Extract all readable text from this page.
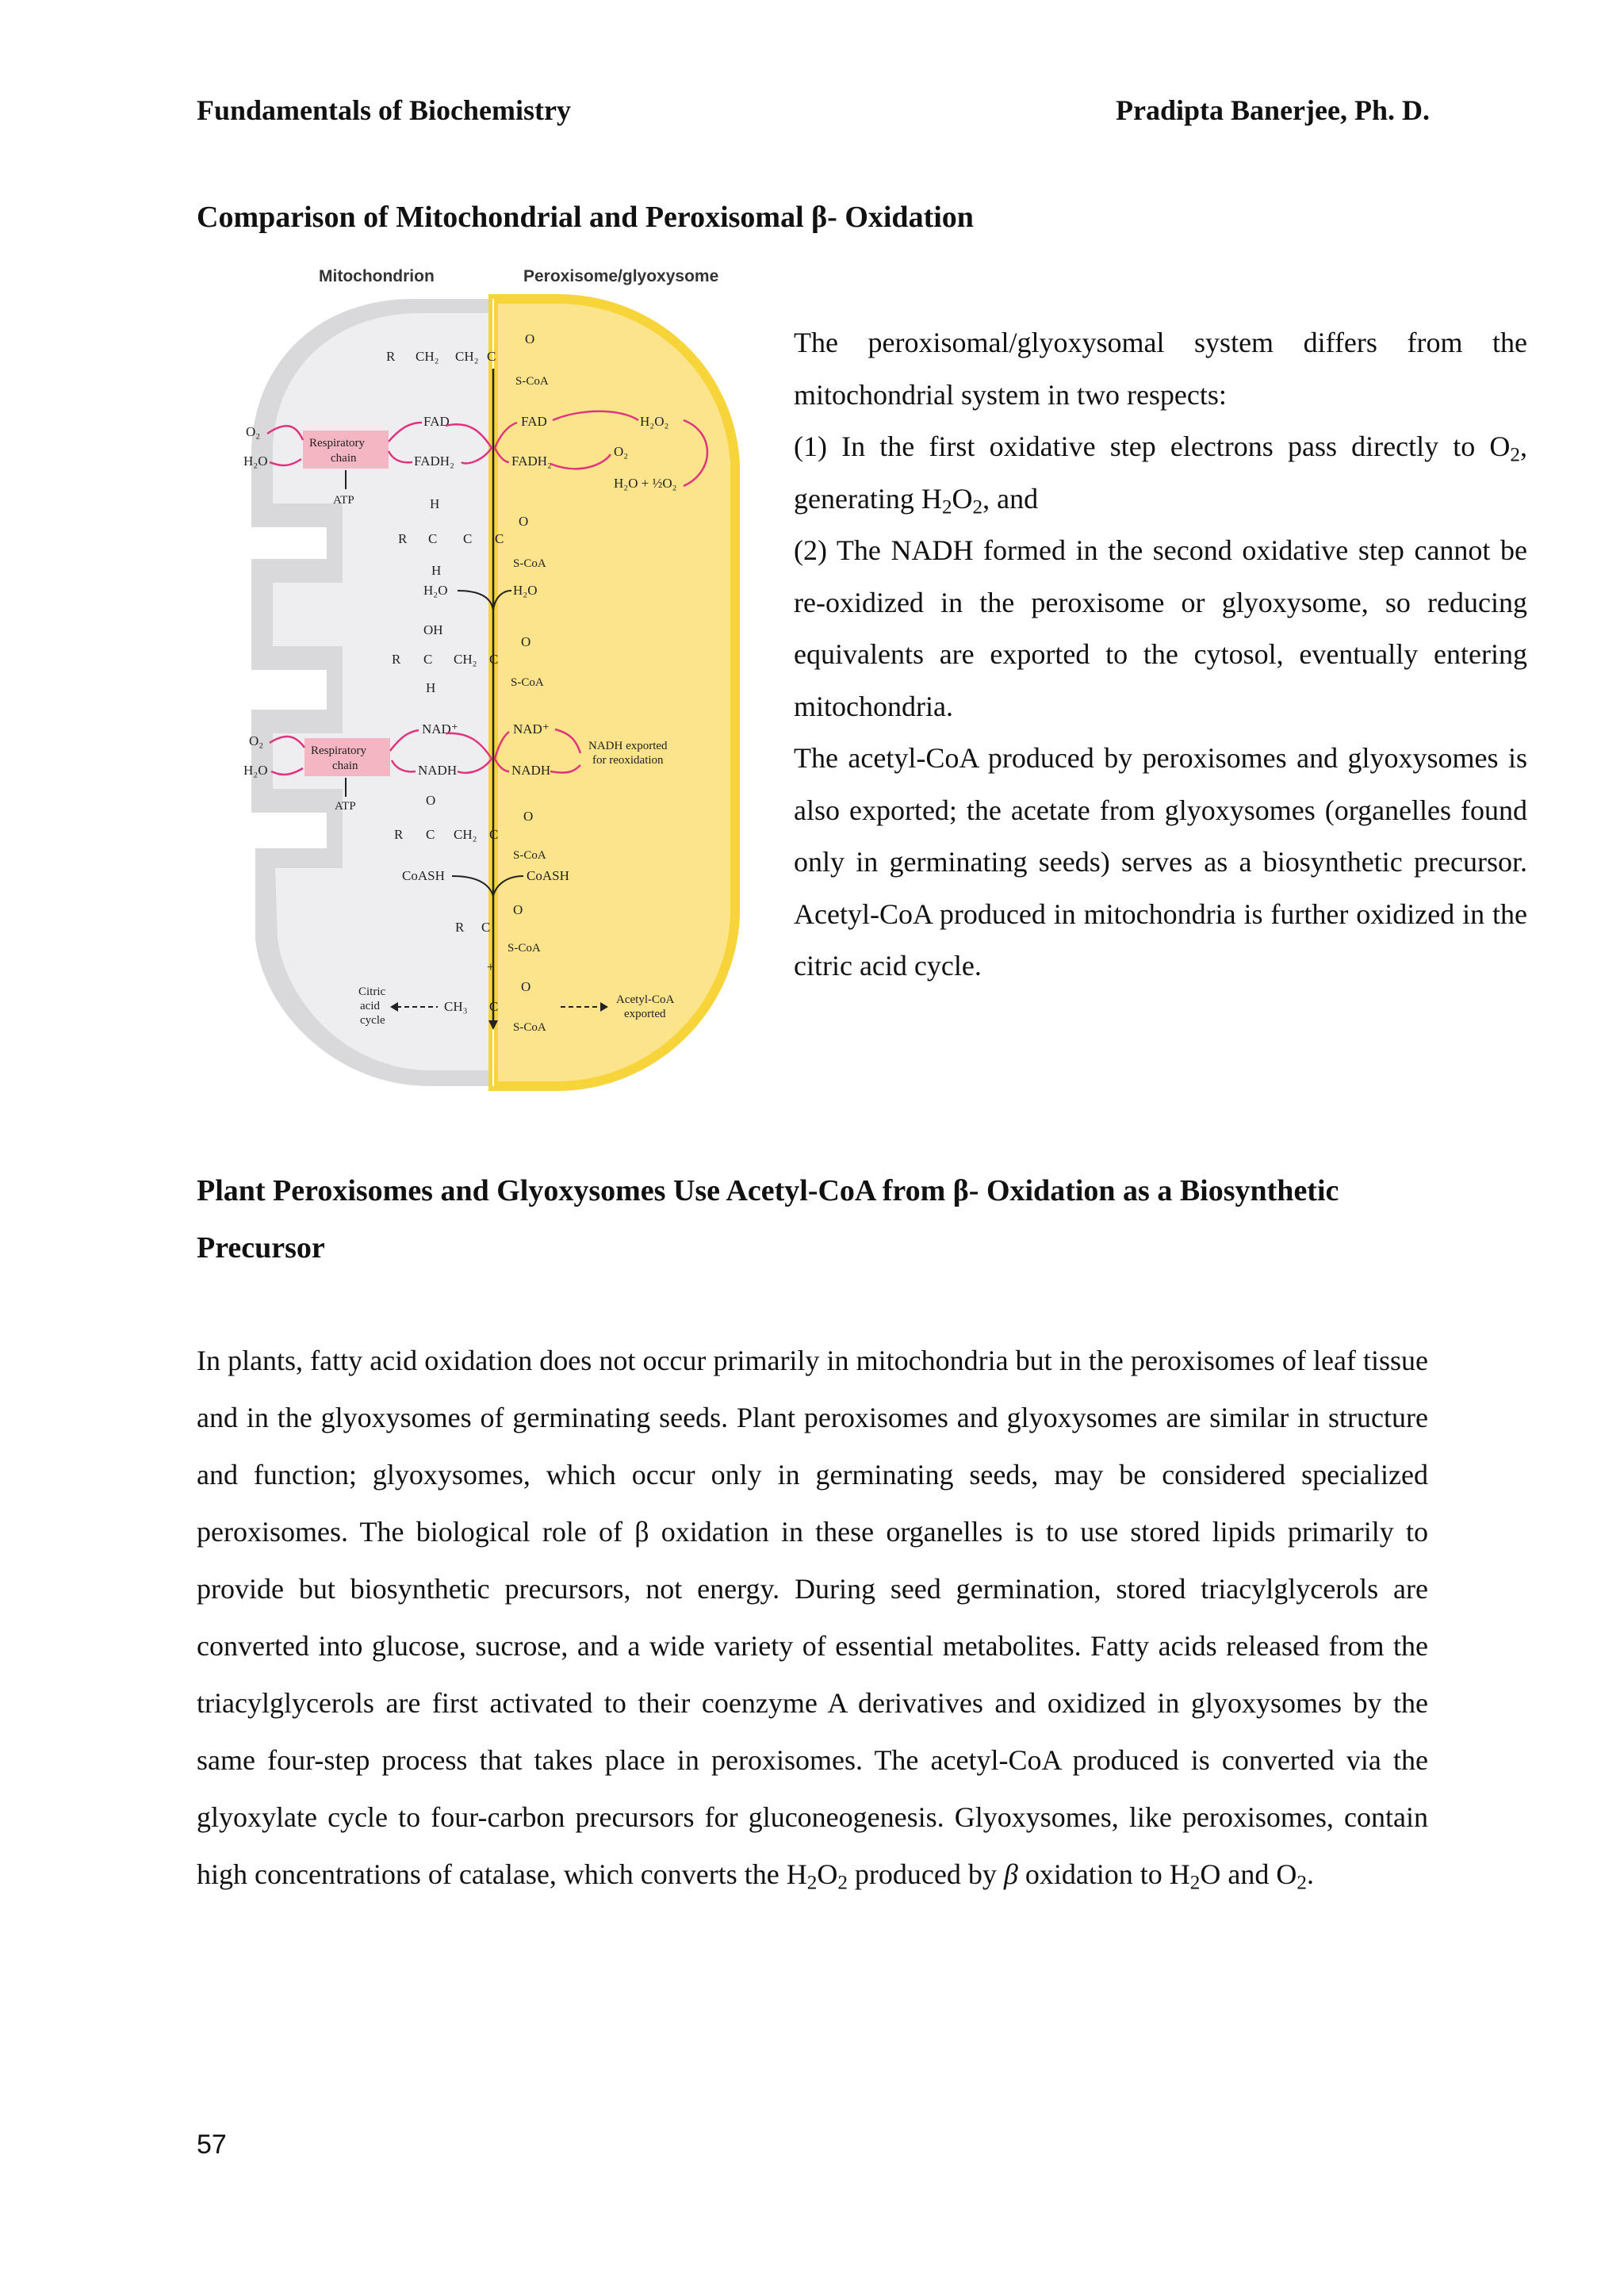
Fundamentals of Biochemistry	Pradipta Banerjee, Ph. D.
Comparison of Mitochondrial and Peroxisomal β- Oxidation
Mitochondrion	Peroxisome/glyoxysome
R CH₂ CH₂ C
O
S-CoA
O₂
H₂O
Respiratory
chain
ATP
FAD
FADH₂
FAD
FADH₂
H₂O₂
O₂
H₂O + ½O₂
H
R C C C
H
O
S-CoA
H₂O	H₂O
OH
R C CH₂ C
H
O
S-CoA
O₂
H₂O
Respiratory
chain
ATP
NAD⁺
NADH
NAD⁺
NADH
NADH exported
for reoxidation
O
R C CH₂ C
O
S-CoA
CoASH	CoASH
R C
O
S-CoA
+
Citric
acid
cycle
CH₃ C
O
S-CoA
Acetyl-CoA
exported

The peroxisomal/glyoxysomal system differs from the mitochondrial system in two respects:

(1) In the first oxidative step electrons pass directly to $O_2$, generating $H_2O_2$, and

(2) The NADH formed in the second oxidative step cannot be re-oxidized in the peroxisome or glyoxysome, so reducing equivalents are exported to the cytosol, eventually entering mitochondria.

The acetyl-CoA produced by peroxisomes and glyoxysomes is also exported; the acetate from glyoxysomes (organelles found only in germinating seeds) serves as a biosynthetic precursor. Acetyl-CoA produced in mitochondria is further oxidized in the citric acid cycle.

Plant Peroxisomes and Glyoxysomes Use Acetyl-CoA from β- Oxidation as a Biosynthetic Precursor

In plants, fatty acid oxidation does not occur primarily in mitochondria but in the peroxisomes of leaf tissue and in the glyoxysomes of germinating seeds. Plant peroxisomes and glyoxysomes are similar in structure and function; glyoxysomes, which occur only in germinating seeds, may be considered specialized peroxisomes. The biological role of β oxidation in these organelles is to use stored lipids primarily to provide but biosynthetic precursors, not energy. During seed germination, stored triacylglycerols are converted into glucose, sucrose, and a wide variety of essential metabolites. Fatty acids released from the triacylglycerols are first activated to their coenzyme A derivatives and oxidized in glyoxysomes by the same four-step process that takes place in peroxisomes. The acetyl-CoA produced is converted via the glyoxylate cycle to four-carbon precursors for gluconeogenesis. Glyoxysomes, like peroxisomes, contain high concentrations of catalase, which converts the $H_2O_2$ produced by β oxidation to $H_2O$ and $O_2$.

57
